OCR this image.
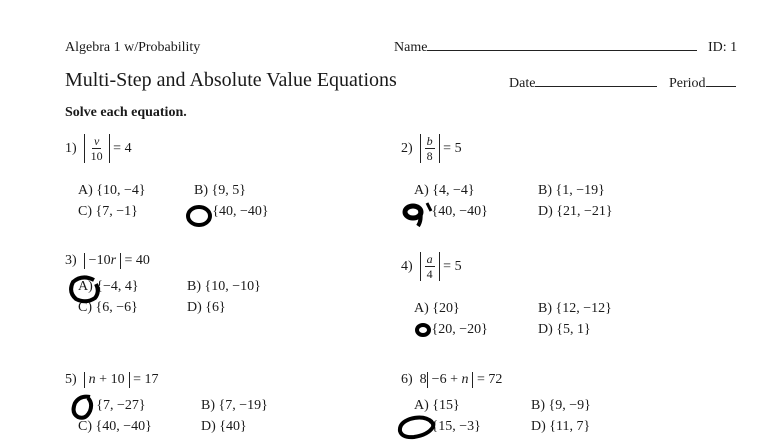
Algebra 1 w/Probability	Name	ID: 1
Multi-Step and Absolute Value Equations	Date	Period
Solve each equation.
1)
$\frac{v}{10}$
= 4
A) {10, −4}	B) {9, 5}
C) {7, −1}	{40, −40}
2)
$\frac{b}{8}$
= 5
A) {4, −4}	B) {1, −19}
{40, −40}	D) {21, −21}
3)
−10r
= 40
A) {−4, 4}	B) {10, −10}
C) {6, −6}	D) {6}
4)
$\frac{a}{4}$
= 5
A) {20}	B) {12, −12}
{20, −20}	D) {5, 1}
5)
n + 10
= 17
{7, −27}	B) {7, −19}
C) {40, −40}	D) {40}
6)
8 −6 + n
= 72
A) {15}	B) {9, −9}
{15, −3}	D) {11, 7}
